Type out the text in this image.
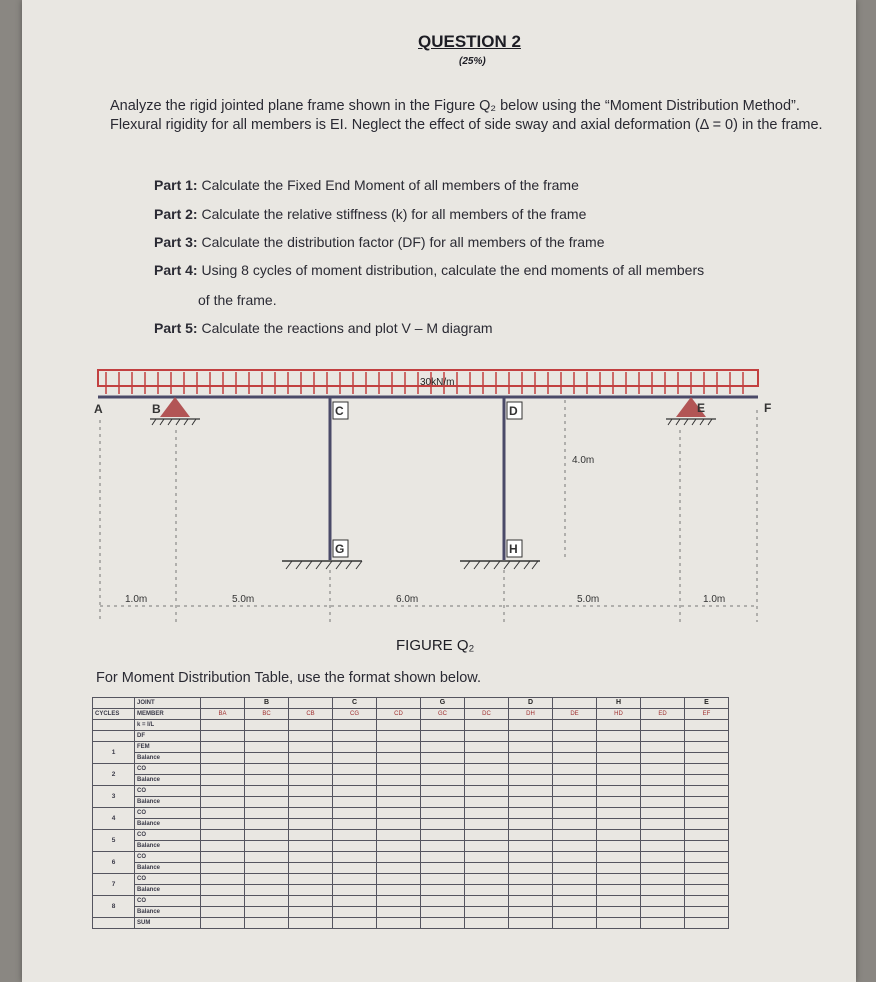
QUESTION 2
(25%)
Analyze the rigid jointed plane frame shown in the Figure Q₂ below using the “Moment Distribution Method”. Flexural rigidity for all members is EI. Neglect the effect of side sway and axial deformation (Δ = 0) in the frame.
Part 1: Calculate the Fixed End Moment of all members of the frame
Part 2: Calculate the relative stiffness (k) for all members of the frame
Part 3: Calculate the distribution factor (DF) for all members of the frame
Part 4: Using 8 cycles of moment distribution, calculate the end moments of all members
of the frame.
Part 5: Calculate the reactions and plot V – M diagram
30kN/m
A	B	C	D	E	F
G	H
4.0m
1.0m	5.0m	6.0m	5.0m	1.0m
FIGURE Q₂
For Moment Distribution Table, use the format shown below.
	JOINT		B		C		G		D		H		E
CYCLES	MEMBER	BA	BC	CB	CG	CD	GC	DC	DH	DE	HD	ED	EF
	k = I/L												
	DF												
1	FEM												
	Balance												
2	CO												
	Balance												
3	CO												
	Balance												
4	CO												
	Balance												
5	CO												
	Balance												
6	CO												
	Balance												
7	CO												
	Balance												
8	CO												
	Balance												
	SUM												
